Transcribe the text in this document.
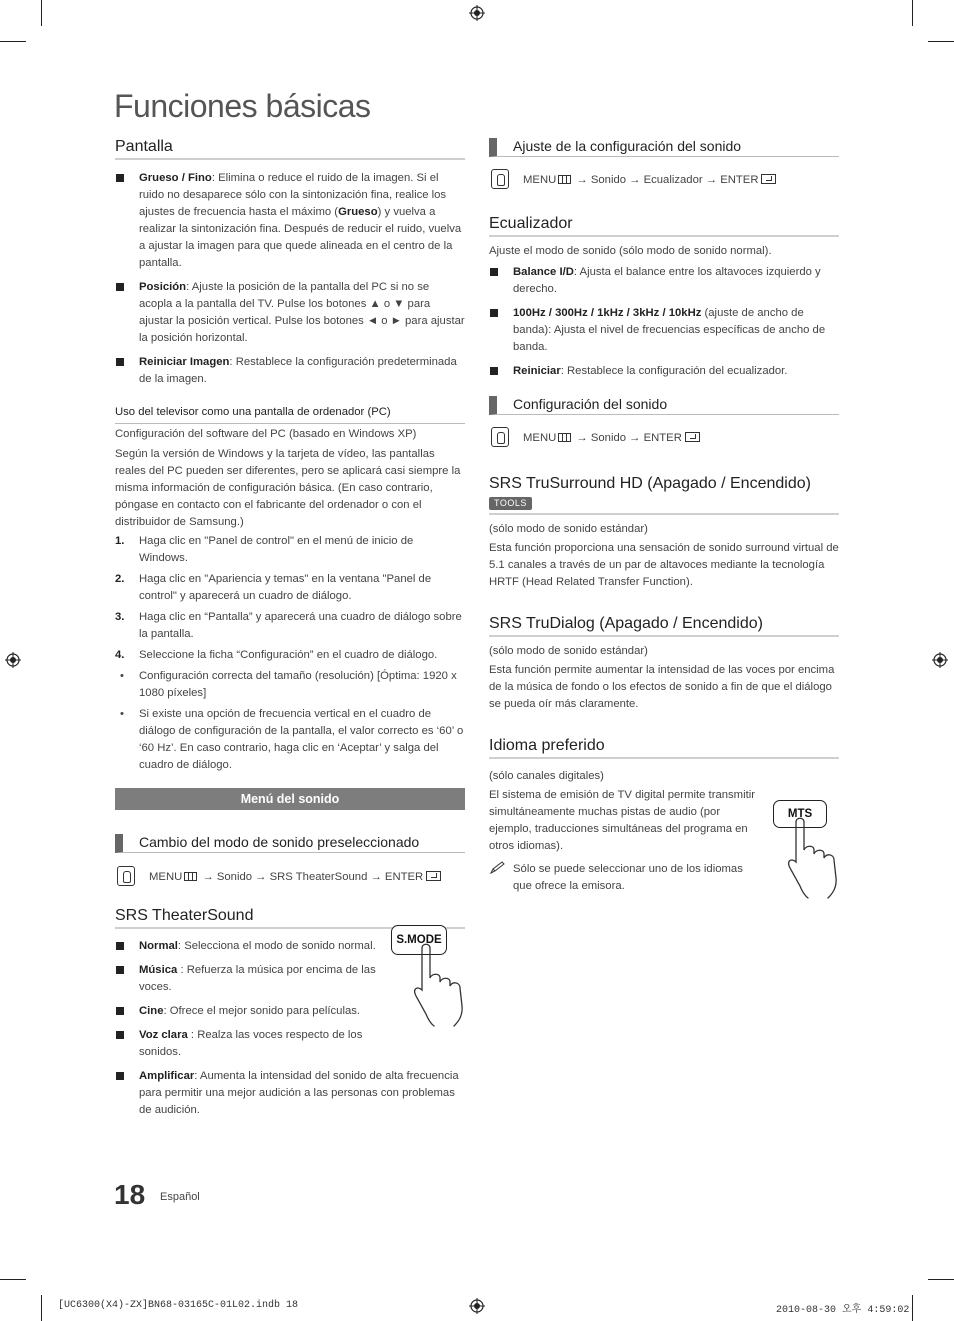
Funciones básicas
Pantalla
Grueso / Fino: Elimina o reduce el ruido de la imagen. Si el ruido no desaparece sólo con la sintonización fina, realice los ajustes de frecuencia hasta el máximo (Grueso) y vuelva a realizar la sintonización fina. Después de reducir el ruido, vuelva a ajustar la imagen para que quede alineada en el centro de la pantalla.
Posición: Ajuste la posición de la pantalla del PC si no se acopla a la pantalla del TV. Pulse los botones ▲ o ▼ para ajustar la posición vertical. Pulse los botones ◄ o ► para ajustar la posición horizontal.
Reiniciar Imagen: Restablece la configuración predeterminada de la imagen.

Uso del televisor como una pantalla de ordenador (PC)

Configuración del software del PC (basado en Windows XP)

Según la versión de Windows y la tarjeta de vídeo, las pantallas reales del PC pueden ser diferentes, pero se aplicará casi siempre la misma información de configuración básica. (En caso contrario, póngase en contacto con el fabricante del ordenador o con el distribuidor de Samsung.)

1. Haga clic en "Panel de control" en el menú de inicio de Windows.
2. Haga clic en "Apariencia y temas" en la ventana "Panel de control" y aparecerá un cuadro de diálogo.
3. Haga clic en “Pantalla” y aparecerá una cuadro de diálogo sobre la pantalla.
4. Seleccione la ficha “Configuración” en el cuadro de diálogo.
• Configuración correcta del tamaño (resolución) [Óptima: 1920 x 1080 píxeles]
• Si existe una opción de frecuencia vertical en el cuadro de diálogo de configuración de la pantalla, el valor correcto es ‘60’ o ‘60 Hz’. En caso contrario, haga clic en ‘Aceptar’ y salga del cuadro de diálogo.
Menú del sonido
Cambio del modo de sonido preseleccionado
MENU → Sonido → SRS TheaterSound → ENTER
SRS TheaterSound
Normal: Selecciona el modo de sonido normal.
Música : Refuerza la música por encima de las voces.
Cine: Ofrece el mejor sonido para películas.
Voz clara : Realza las voces respecto de los sonidos.
Amplificar: Aumenta la intensidad del sonido de alta frecuencia para permitir una mejor audición a las personas con problemas de audición.
S.MODE
Ajuste de la configuración del sonido
MENU → Sonido → Ecualizador → ENTER
Ecualizador

Ajuste el modo de sonido (sólo modo de sonido normal).

Balance I/D: Ajusta el balance entre los altavoces izquierdo y derecho.
100Hz / 300Hz / 1kHz / 3kHz / 10kHz (ajuste de ancho de banda): Ajusta el nivel de frecuencias específicas de ancho de banda.
Reiniciar: Restablece la configuración del ecualizador.
Configuración del sonido
MENU → Sonido → ENTER
SRS TruSurround HD (Apagado / Encendido)
TOOLS

(sólo modo de sonido estándar)

Esta función proporciona una sensación de sonido surround virtual de 5.1 canales a través de un par de altavoces mediante la tecnología HRTF (Head Related Transfer Function).

SRS TruDialog (Apagado / Encendido)

(sólo modo de sonido estándar)

Esta función permite aumentar la intensidad de las voces por encima de la música de fondo o los efectos de sonido a fin de que el diálogo se pueda oír más claramente.

Idioma preferido

(sólo canales digitales)

El sistema de emisión de TV digital permite transmitir simultáneamente muchas pistas de audio (por ejemplo, traducciones simultáneas del programa en otros idiomas).

Sólo se puede seleccionar uno de los idiomas que ofrece la emisora.

MTS
18 Español
[UC6300(X4)-ZX]BN68-03165C-01L02.indb 18	2010-08-30 오후 4:59:02
